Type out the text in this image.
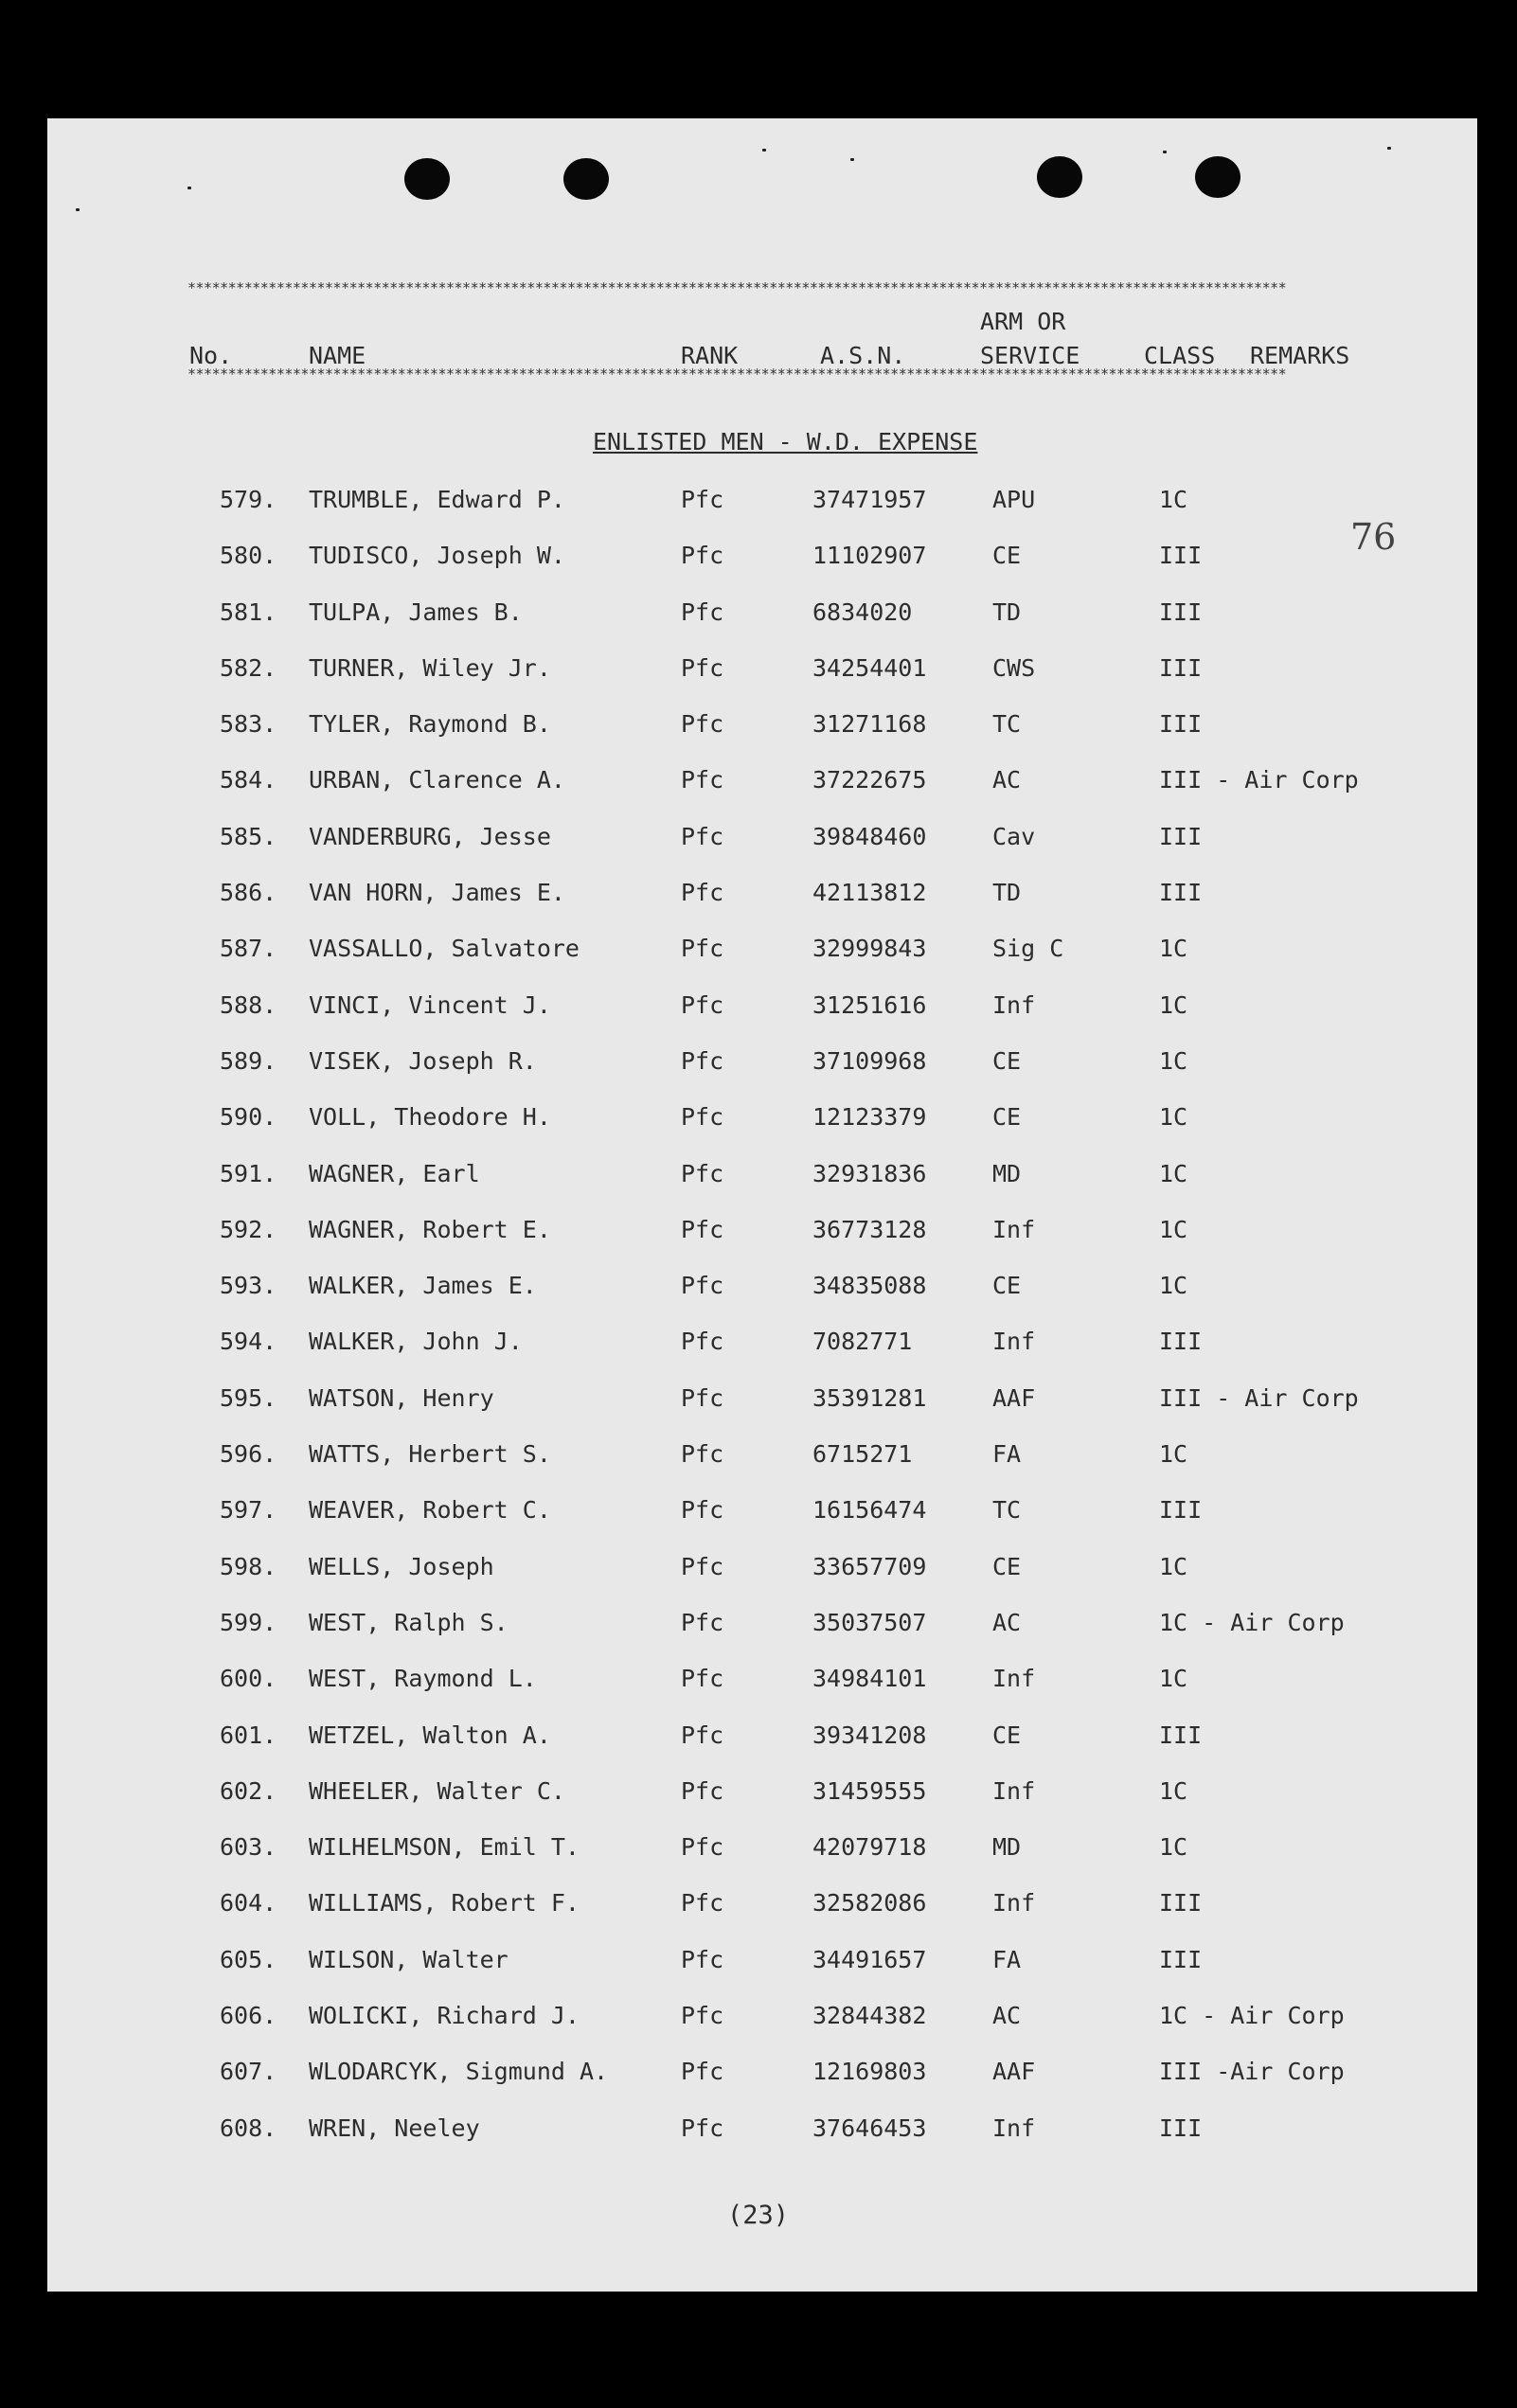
****************************************************************************************************************************************
No.	NAME	RANK	A.S.N.
ARM OR
SERVICE	CLASS REMARKS
****************************************************************************************************************************************
ENLISTED MEN - W.D. EXPENSE
76
579. TRUMBLE, Edward P.	Pfc	37471957	APU	1C
580. TUDISCO, Joseph W.	Pfc	11102907	CE	III
581. TULPA, James B.	Pfc	6834020	TD	III
582. TURNER, Wiley Jr.	Pfc	34254401	CWS	III
583. TYLER, Raymond B.	Pfc	31271168	TC	III
584. URBAN, Clarence A.	Pfc	37222675	AC	III - Air Corp
585. VANDERBURG, Jesse	Pfc	39848460	Cav	III
586. VAN HORN, James E.	Pfc	42113812	TD	III
587. VASSALLO, Salvatore	Pfc	32999843	Sig C	1C
588. VINCI, Vincent J.	Pfc	31251616	Inf	1C
589. VISEK, Joseph R.	Pfc	37109968	CE	1C
590. VOLL, Theodore H.	Pfc	12123379	CE	1C
591. WAGNER, Earl	Pfc	32931836	MD	1C
592. WAGNER, Robert E.	Pfc	36773128	Inf	1C
593. WALKER, James E.	Pfc	34835088	CE	1C
594. WALKER, John J.	Pfc	7082771	Inf	III
595. WATSON, Henry	Pfc	35391281	AAF	III - Air Corp
596. WATTS, Herbert S.	Pfc	6715271	FA	1C
597. WEAVER, Robert C.	Pfc	16156474	TC	III
598. WELLS, Joseph	Pfc	33657709	CE	1C
599. WEST, Ralph S.	Pfc	35037507	AC	1C - Air Corp
600. WEST, Raymond L.	Pfc	34984101	Inf	1C
601. WETZEL, Walton A.	Pfc	39341208	CE	III
602. WHEELER, Walter C.	Pfc	31459555	Inf	1C
603. WILHELMSON, Emil T.	Pfc	42079718	MD	1C
604. WILLIAMS, Robert F.	Pfc	32582086	Inf	III
605. WILSON, Walter	Pfc	34491657	FA	III
606. WOLICKI, Richard J.	Pfc	32844382	AC	1C - Air Corp
607. WLODARCYK, Sigmund A.	Pfc	12169803	AAF	III -Air Corp
608. WREN, Neeley	Pfc	37646453	Inf	III
(23)
